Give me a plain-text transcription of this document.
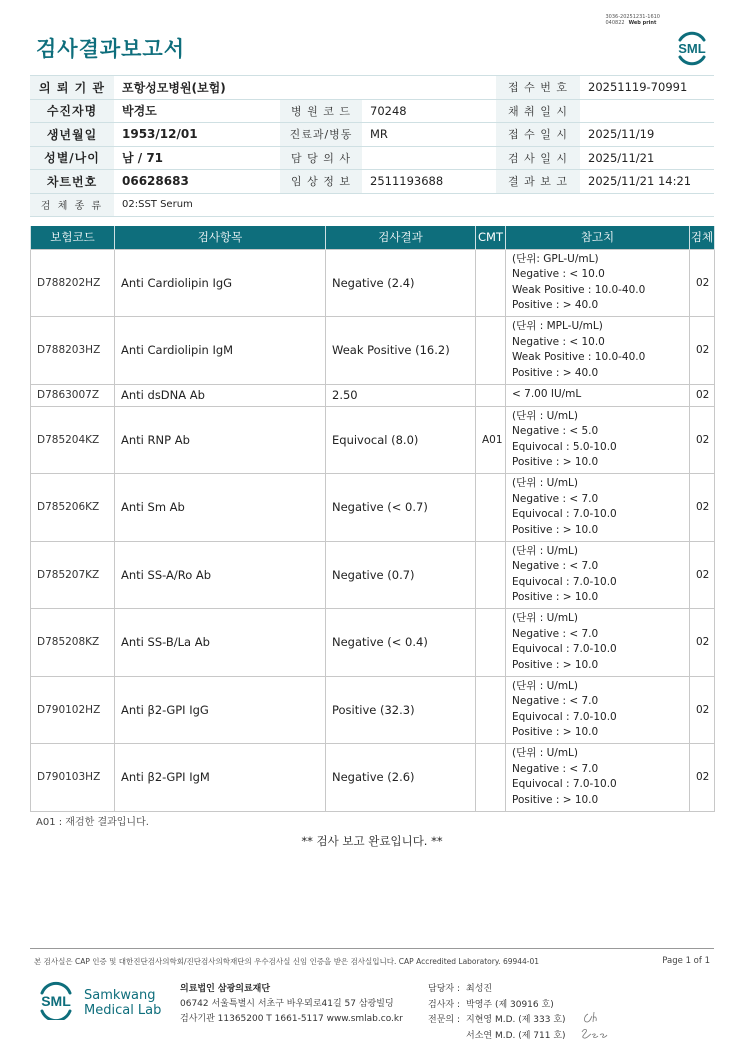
3036-20251231-1610
040822 Web print
검사결과보고서	SML
의 뢰 기 관	포항성모병원(보험)			접 수 번 호	20251119-70991
수진자명	박경도	병 원 코 드	70248	채 취 일 시	
생년월일	1953/12/01	진료과/병동	MR	접 수 일 시	2025/11/19
성별/나이	남 / 71	담 당 의 사		검 사 일 시	2025/11/21
차트번호	06628683	임 상 정 보	2511193688	결 과 보 고	2025/11/21 14:21
검 체 종 류	02:SST Serum				
보험코드	검사항목	검사결과	CMT	참고치	검체
D788202HZ	Anti Cardiolipin IgG	Negative (2.4)		(단위: GPL-U/mL)
Negative : < 10.0
Weak Positive : 10.0-40.0
Positive : > 40.0	02
D788203HZ	Anti Cardiolipin IgM	Weak Positive (16.2)		(단위 : MPL-U/mL)
Negative : < 10.0
Weak Positive : 10.0-40.0
Positive : > 40.0	02
D7863007Z	Anti dsDNA Ab	2.50		< 7.00 IU/mL	02
D785204KZ	Anti RNP Ab	Equivocal (8.0)	A01	(단위 : U/mL)
Negative : < 5.0
Equivocal : 5.0-10.0
Positive : > 10.0	02
D785206KZ	Anti Sm Ab	Negative (< 0.7)		(단위 : U/mL)
Negative : < 7.0
Equivocal : 7.0-10.0
Positive : > 10.0	02
D785207KZ	Anti SS-A/Ro Ab	Negative (0.7)		(단위 : U/mL)
Negative : < 7.0
Equivocal : 7.0-10.0
Positive : > 10.0	02
D785208KZ	Anti SS-B/La Ab	Negative (< 0.4)		(단위 : U/mL)
Negative : < 7.0
Equivocal : 7.0-10.0
Positive : > 10.0	02
D790102HZ	Anti β2-GPI IgG	Positive (32.3)		(단위 : U/mL)
Negative : < 7.0
Equivocal : 7.0-10.0
Positive : > 10.0	02
D790103HZ	Anti β2-GPI IgM	Negative (2.6)		(단위 : U/mL)
Negative : < 7.0
Equivocal : 7.0-10.0
Positive : > 10.0	02
A01 : 재검한 결과입니다.
** 검사 보고 완료입니다. **
본 검사실은 CAP 인증 및 대한진단검사의학회/진단검사의학재단의 우수검사실 신임 인증을 받은 검사실입니다. CAP Accredited Laboratory. 69944-01	Page 1 of 1
SML Samkwang
Medical Lab
의료법인 삼광의료재단
06742 서울특별시 서초구 바우뫼로41길 57 삼광빌딩
검사기관 11365200 T 1661-5117 www.smlab.co.kr
담당자 : 최성진
검사자 : 박영주 (제 30916 호)
전문의 : 지현영 M.D. (제 333 호)
서소연 M.D. (제 711 호)
